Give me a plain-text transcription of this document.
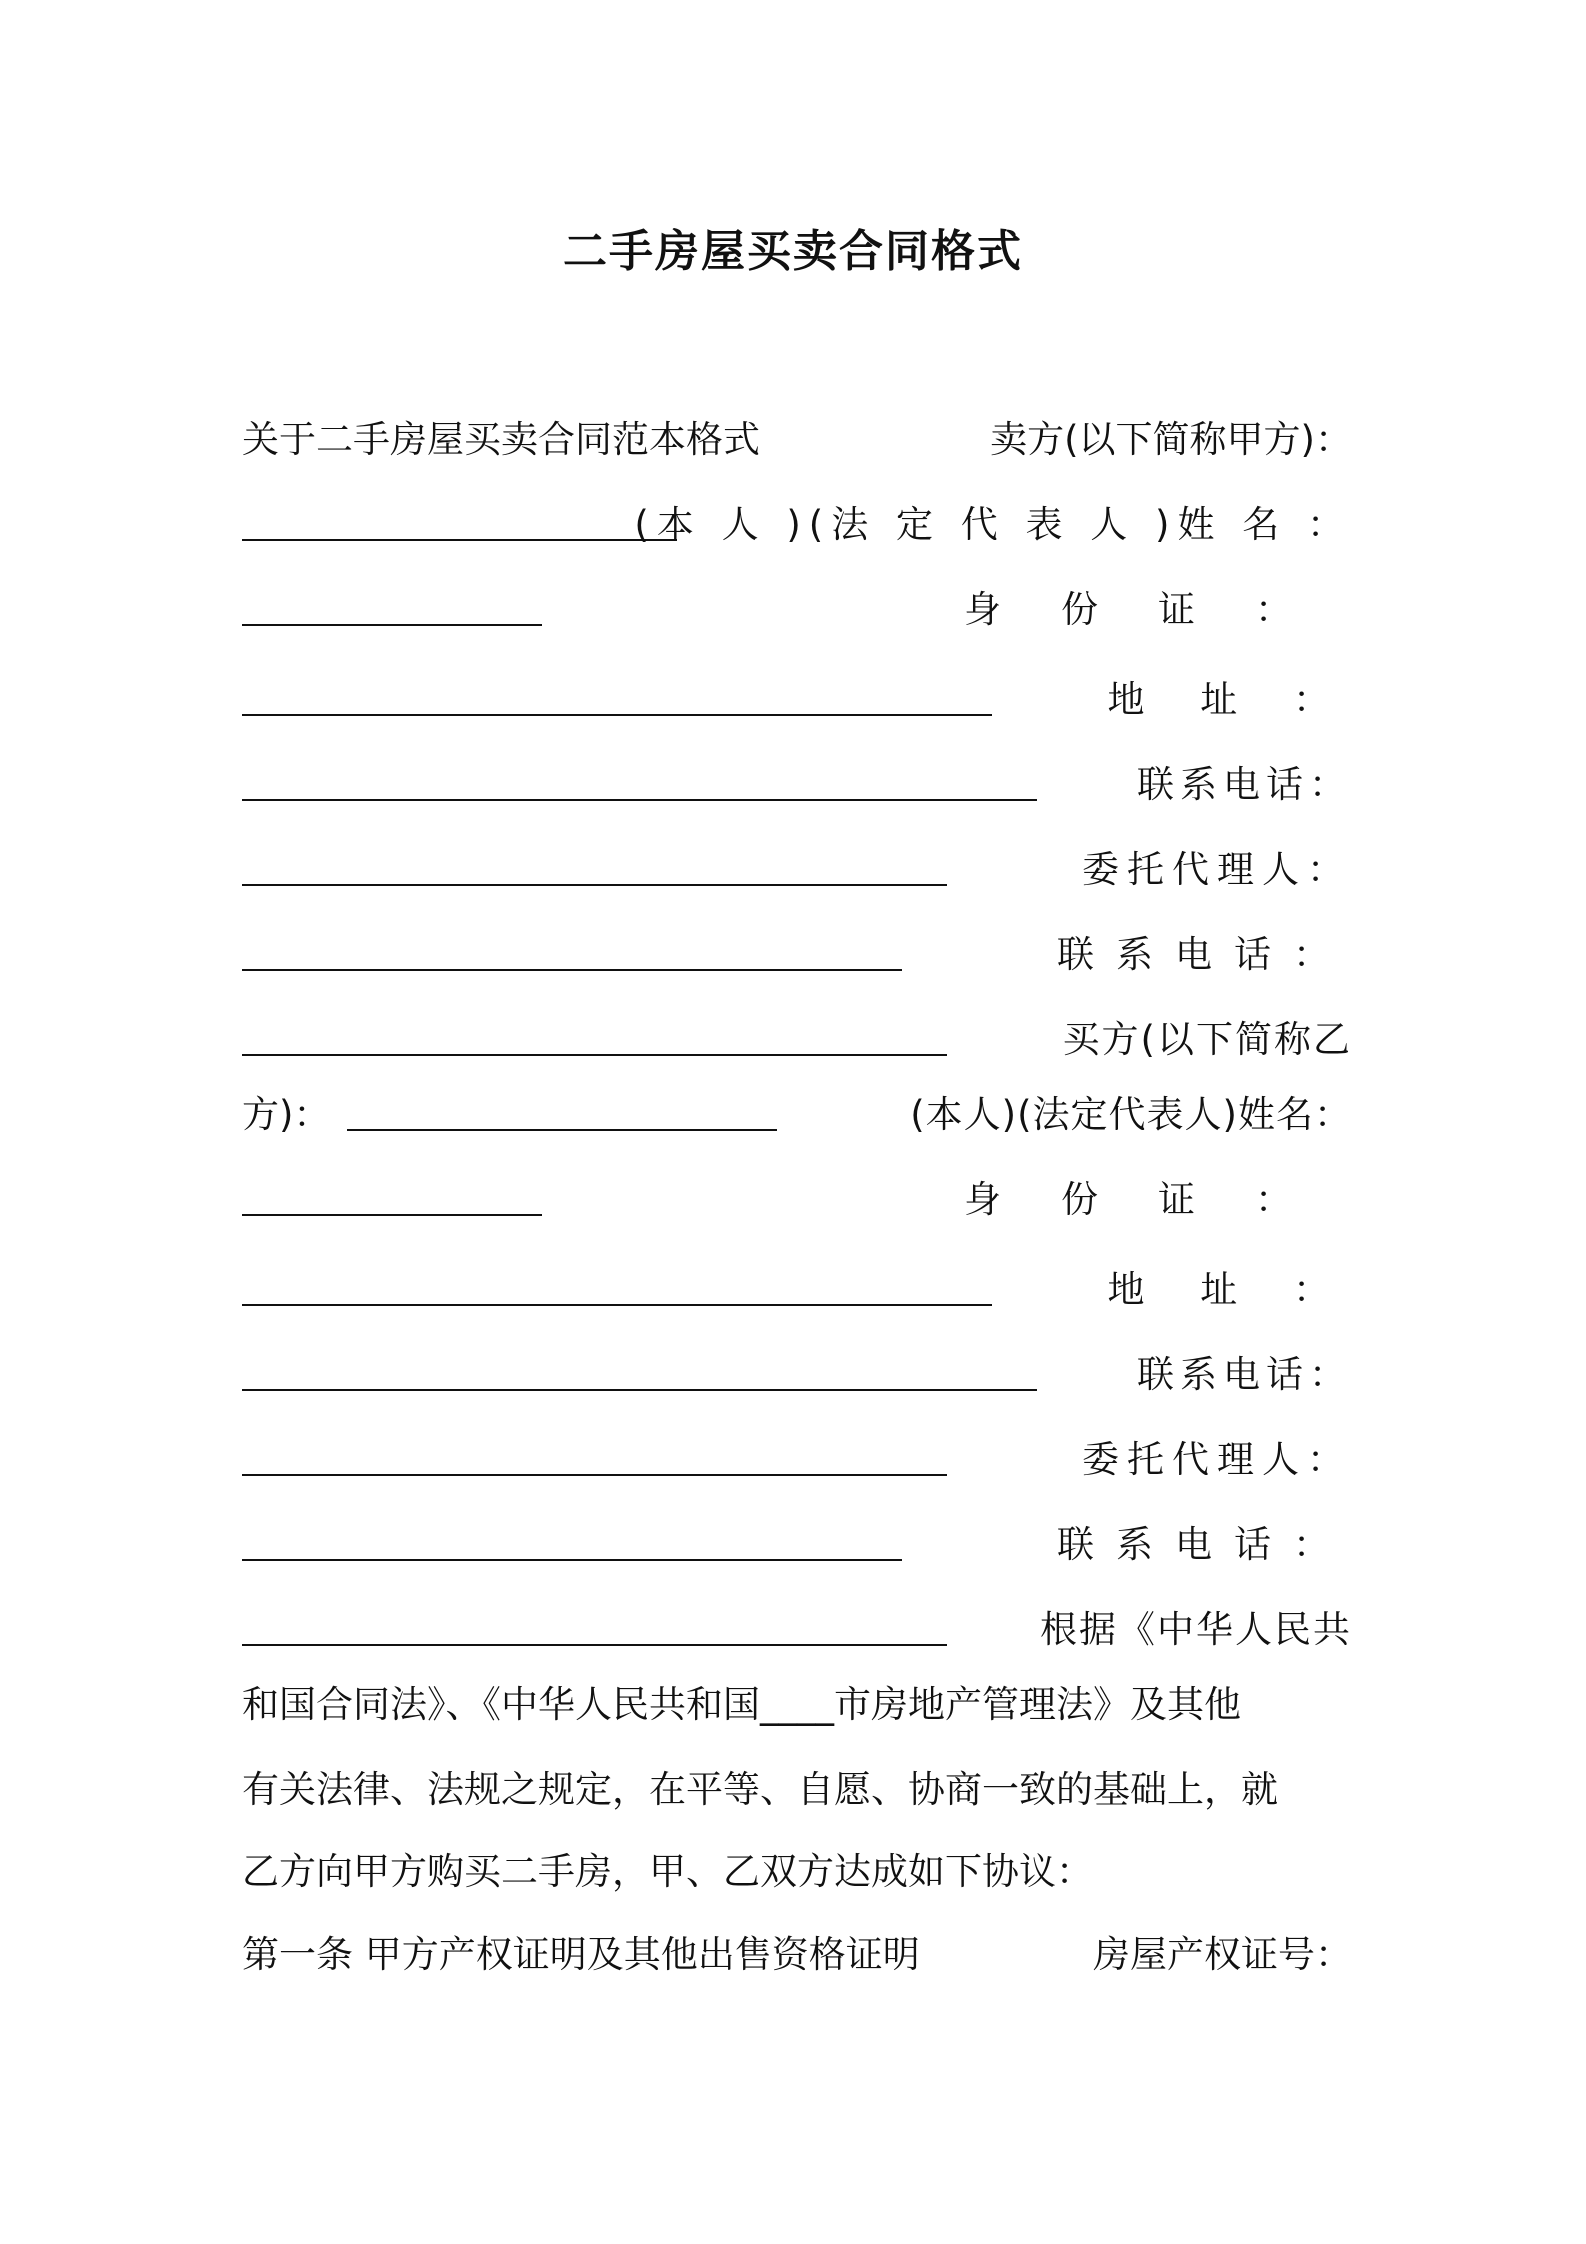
二手房屋买卖合同格式
关于二手房屋买卖合同范本格式	卖方(以下简称甲方)：
(本 人 )(法 定 代 表 人 )姓 名 ：
身份证：
地 址 ：
联系电话：
委托代理人：
联系电话：
买方(以下简称乙
方)：	(本人)(法定代表人)姓名：
身份证：
地 址 ：
联系电话：
委托代理人：
联系电话：
根据《中华人民共
和国合同法》、《中华人民共和国____市房地产管理法》及其他
有关法律、法规之规定，在平等、自愿、协商一致的基础上，就
乙方向甲方购买二手房，甲、乙双方达成如下协议：
第一条 甲方产权证明及其他出售资格证明	房屋产权证号：
